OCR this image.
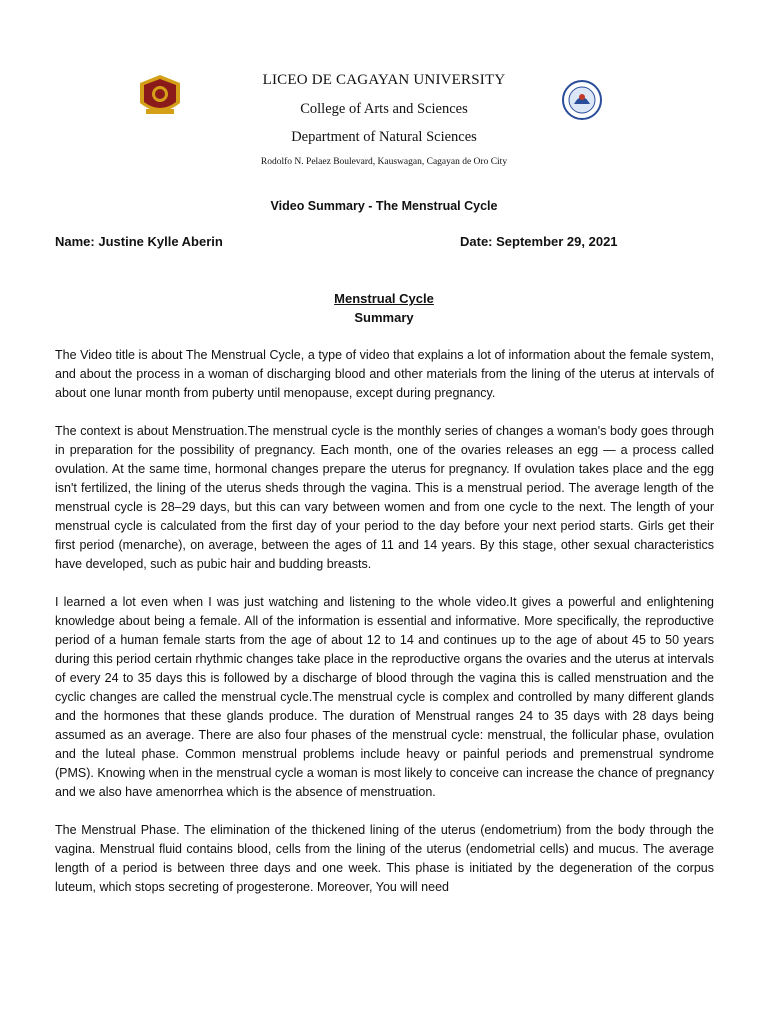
LICEO DE CAGAYAN UNIVERSITY
College of Arts and Sciences
Department of Natural Sciences
Rodolfo N. Pelaez Boulevard, Kauswagan, Cagayan de Oro City
Video Summary - The Menstrual Cycle
Name: Justine Kylle Aberin	Date: September 29, 2021
Menstrual Cycle
Summary

The Video title is about The Menstrual Cycle, a type of video that explains a lot of information about the female system, and about the process in a woman of discharging blood and other materials from the lining of the uterus at intervals of about one lunar month from puberty until menopause, except during pregnancy.

The context is about Menstruation.The menstrual cycle is the monthly series of changes a woman's body goes through in preparation for the possibility of pregnancy. Each month, one of the ovaries releases an egg — a process called ovulation. At the same time, hormonal changes prepare the uterus for pregnancy. If ovulation takes place and the egg isn't fertilized, the lining of the uterus sheds through the vagina. This is a menstrual period. The average length of the menstrual cycle is 28–29 days, but this can vary between women and from one cycle to the next. The length of your menstrual cycle is calculated from the first day of your period to the day before your next period starts. Girls get their first period (menarche), on average, between the ages of 11 and 14 years. By this stage, other sexual characteristics have developed, such as pubic hair and budding breasts.

I learned a lot even when I was just watching and listening to the whole video.It gives a powerful and enlightening knowledge about being a female. All of the information is essential and informative. More specifically, the reproductive period of a human female starts from the age of about 12 to 14 and continues up to the age of about 45 to 50 years during this period certain rhythmic changes take place in the reproductive organs the ovaries and the uterus at intervals of every 24 to 35 days this is followed by a discharge of blood through the vagina this is called menstruation and the cyclic changes are called the menstrual cycle.The menstrual cycle is complex and controlled by many different glands and the hormones that these glands produce. The duration of Menstrual ranges 24 to 35 days with 28 days being assumed as an average. There are also four phases of the menstrual cycle: menstrual, the follicular phase, ovulation and the luteal phase. Common menstrual problems include heavy or painful periods and premenstrual syndrome (PMS). Knowing when in the menstrual cycle a woman is most likely to conceive can increase the chance of pregnancy and we also have amenorrhea which is the absence of menstruation.

The Menstrual Phase. The elimination of the thickened lining of the uterus (endometrium) from the body through the vagina. Menstrual fluid contains blood, cells from the lining of the uterus (endometrial cells) and mucus. The average length of a period is between three days and one week. This phase is initiated by the degeneration of the corpus luteum, which stops secreting of progesterone. Moreover, You will need
